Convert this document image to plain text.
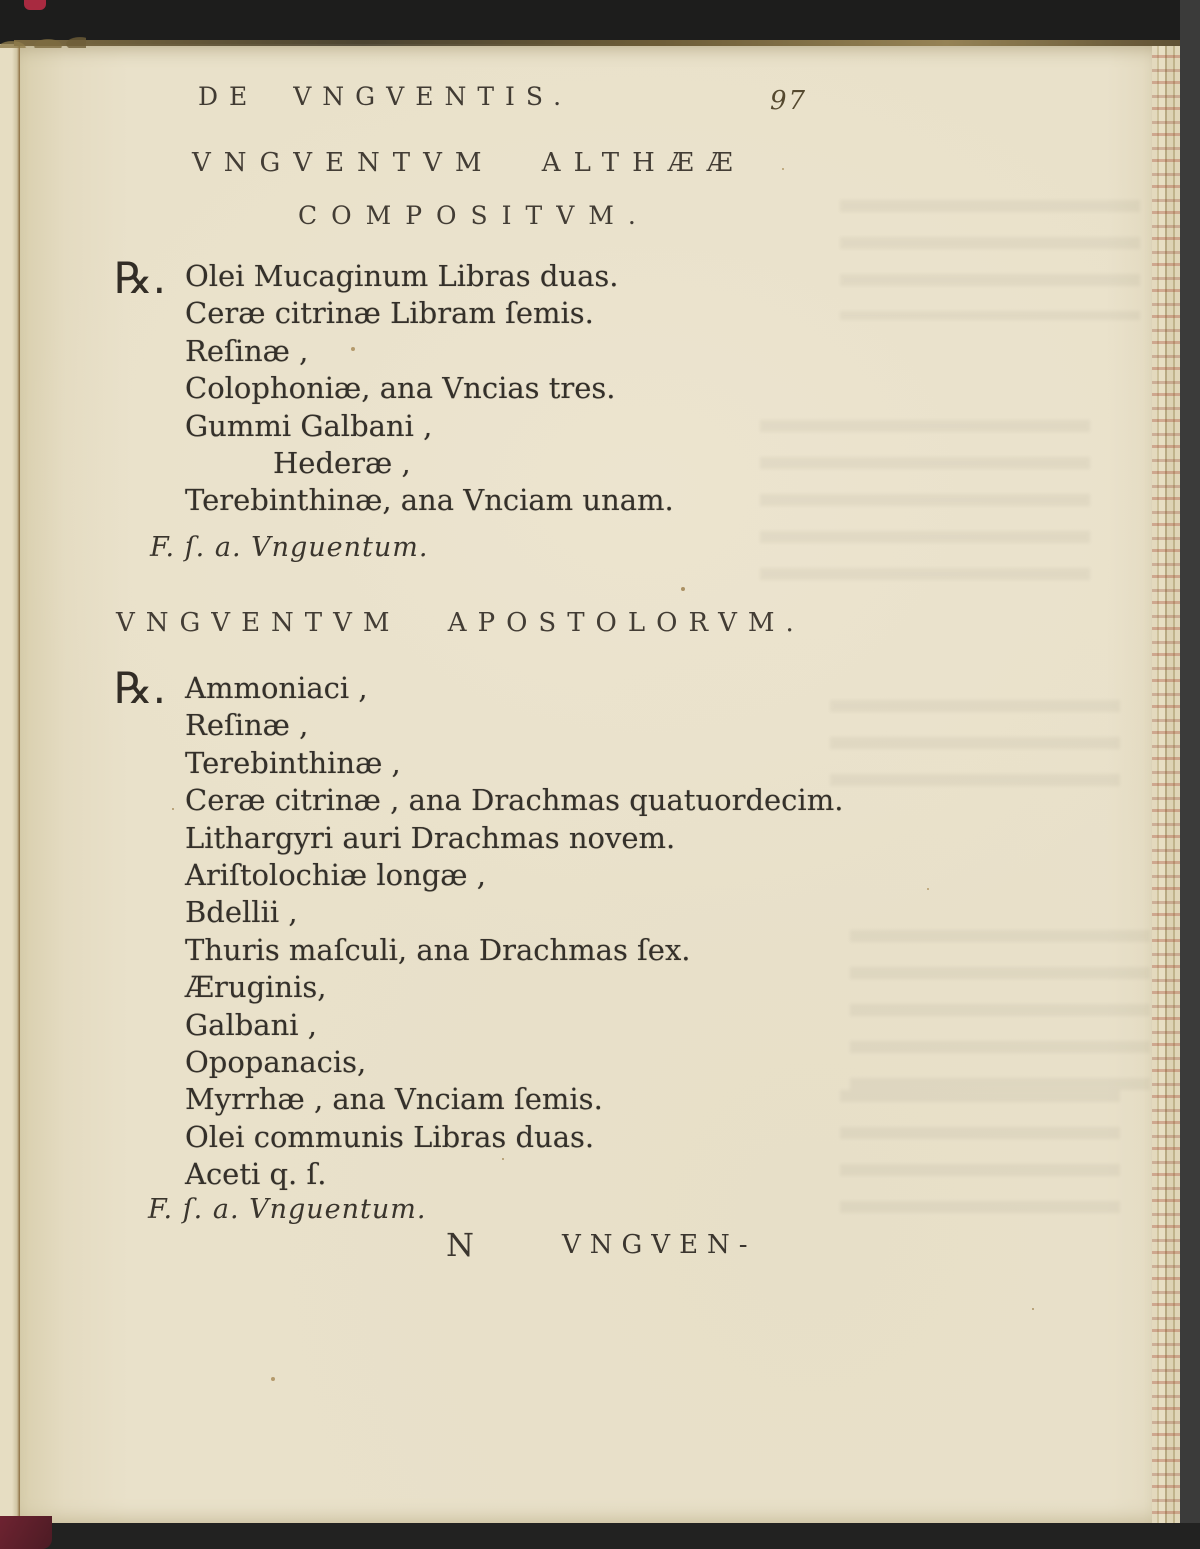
DE VNGVENTIS.	97
VNGVENTVM ALTHÆÆ
COMPOSITVM.
℞. Olei Mucaginum Libras duas.
Ceræ citrinæ Libram ſemis.
Reſinæ ,
Colophoniæ, ana Vncias tres.
Gummi Galbani ,
Hederæ ,
Terebinthinæ, ana Vnciam unam.
F. ſ. a. Vnguentum.
VNGVENTVM APOSTOLORVM.
℞. Ammoniaci ,
Reſinæ ,
Terebinthinæ ,
Ceræ citrinæ , ana Drachmas quatuordecim.
Lithargyri auri Drachmas novem.
Ariſtolochiæ longæ ,
Bdellii ,
Thuris maſculi, ana Drachmas ſex.
Æruginis,
Galbani ,
Opopanacis,
Myrrhæ , ana Vnciam ſemis.
Olei communis Libras duas.
Aceti q. ſ.
F. ſ. a. Vnguentum.
N	VNGVEN-
